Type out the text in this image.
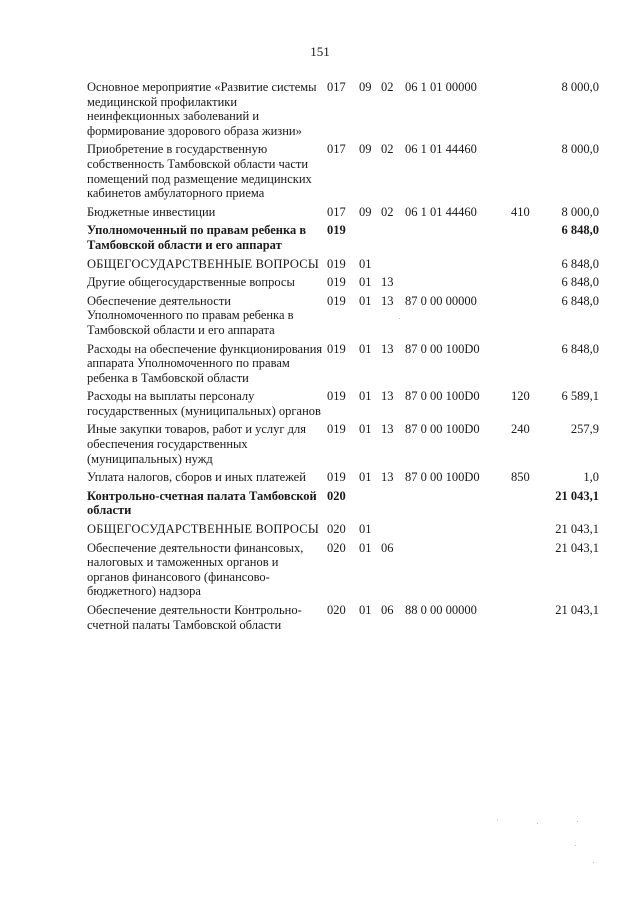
151
Основное мероприятие «Развитие системы медицинской профилактики неинфекционных заболеваний и формирование здорового образа жизни»	017	09	02	06 1 01 00000		8 000,0
Приобретение в государственную собственность Тамбовской области части помещений под размещение медицинских кабинетов амбулаторного приема	017	09	02	06 1 01 44460		8 000,0
Бюджетные инвестиции	017	09	02	06 1 01 44460	410	8 000,0
Уполномоченный по правам ребенка в Тамбовской области и его аппарат	019					6 848,0
ОБЩЕГОСУДАРСТВЕННЫЕ ВОПРОСЫ	019	01				6 848,0
Другие общегосударственные вопросы	019	01	13			6 848,0
Обеспечение деятельности Уполномоченного по правам ребенка в Тамбовской области и его аппарата	019	01	13	87 0 00 00000		6 848,0
Расходы на обеспечение функционирования аппарата Уполномоченного по правам ребенка в Тамбовской области	019	01	13	87 0 00 100D0		6 848,0
Расходы на выплаты персоналу государственных (муниципальных) органов	019	01	13	87 0 00 100D0	120	6 589,1
Иные закупки товаров, работ и услуг для обеспечения государственных (муниципальных) нужд	019	01	13	87 0 00 100D0	240	257,9
Уплата налогов, сборов и иных платежей	019	01	13	87 0 00 100D0	850	1,0
Контрольно-счетная палата Тамбовской области	020					21 043,1
ОБЩЕГОСУДАРСТВЕННЫЕ ВОПРОСЫ	020	01				21 043,1
Обеспечение деятельности финансовых, налоговых и таможенных органов и органов финансового (финансово-бюджетного) надзора	020	01	06			21 043,1
Обеспечение деятельности Контрольно-счетной палаты Тамбовской области	020	01	06	88 0 00 00000		21 043,1
